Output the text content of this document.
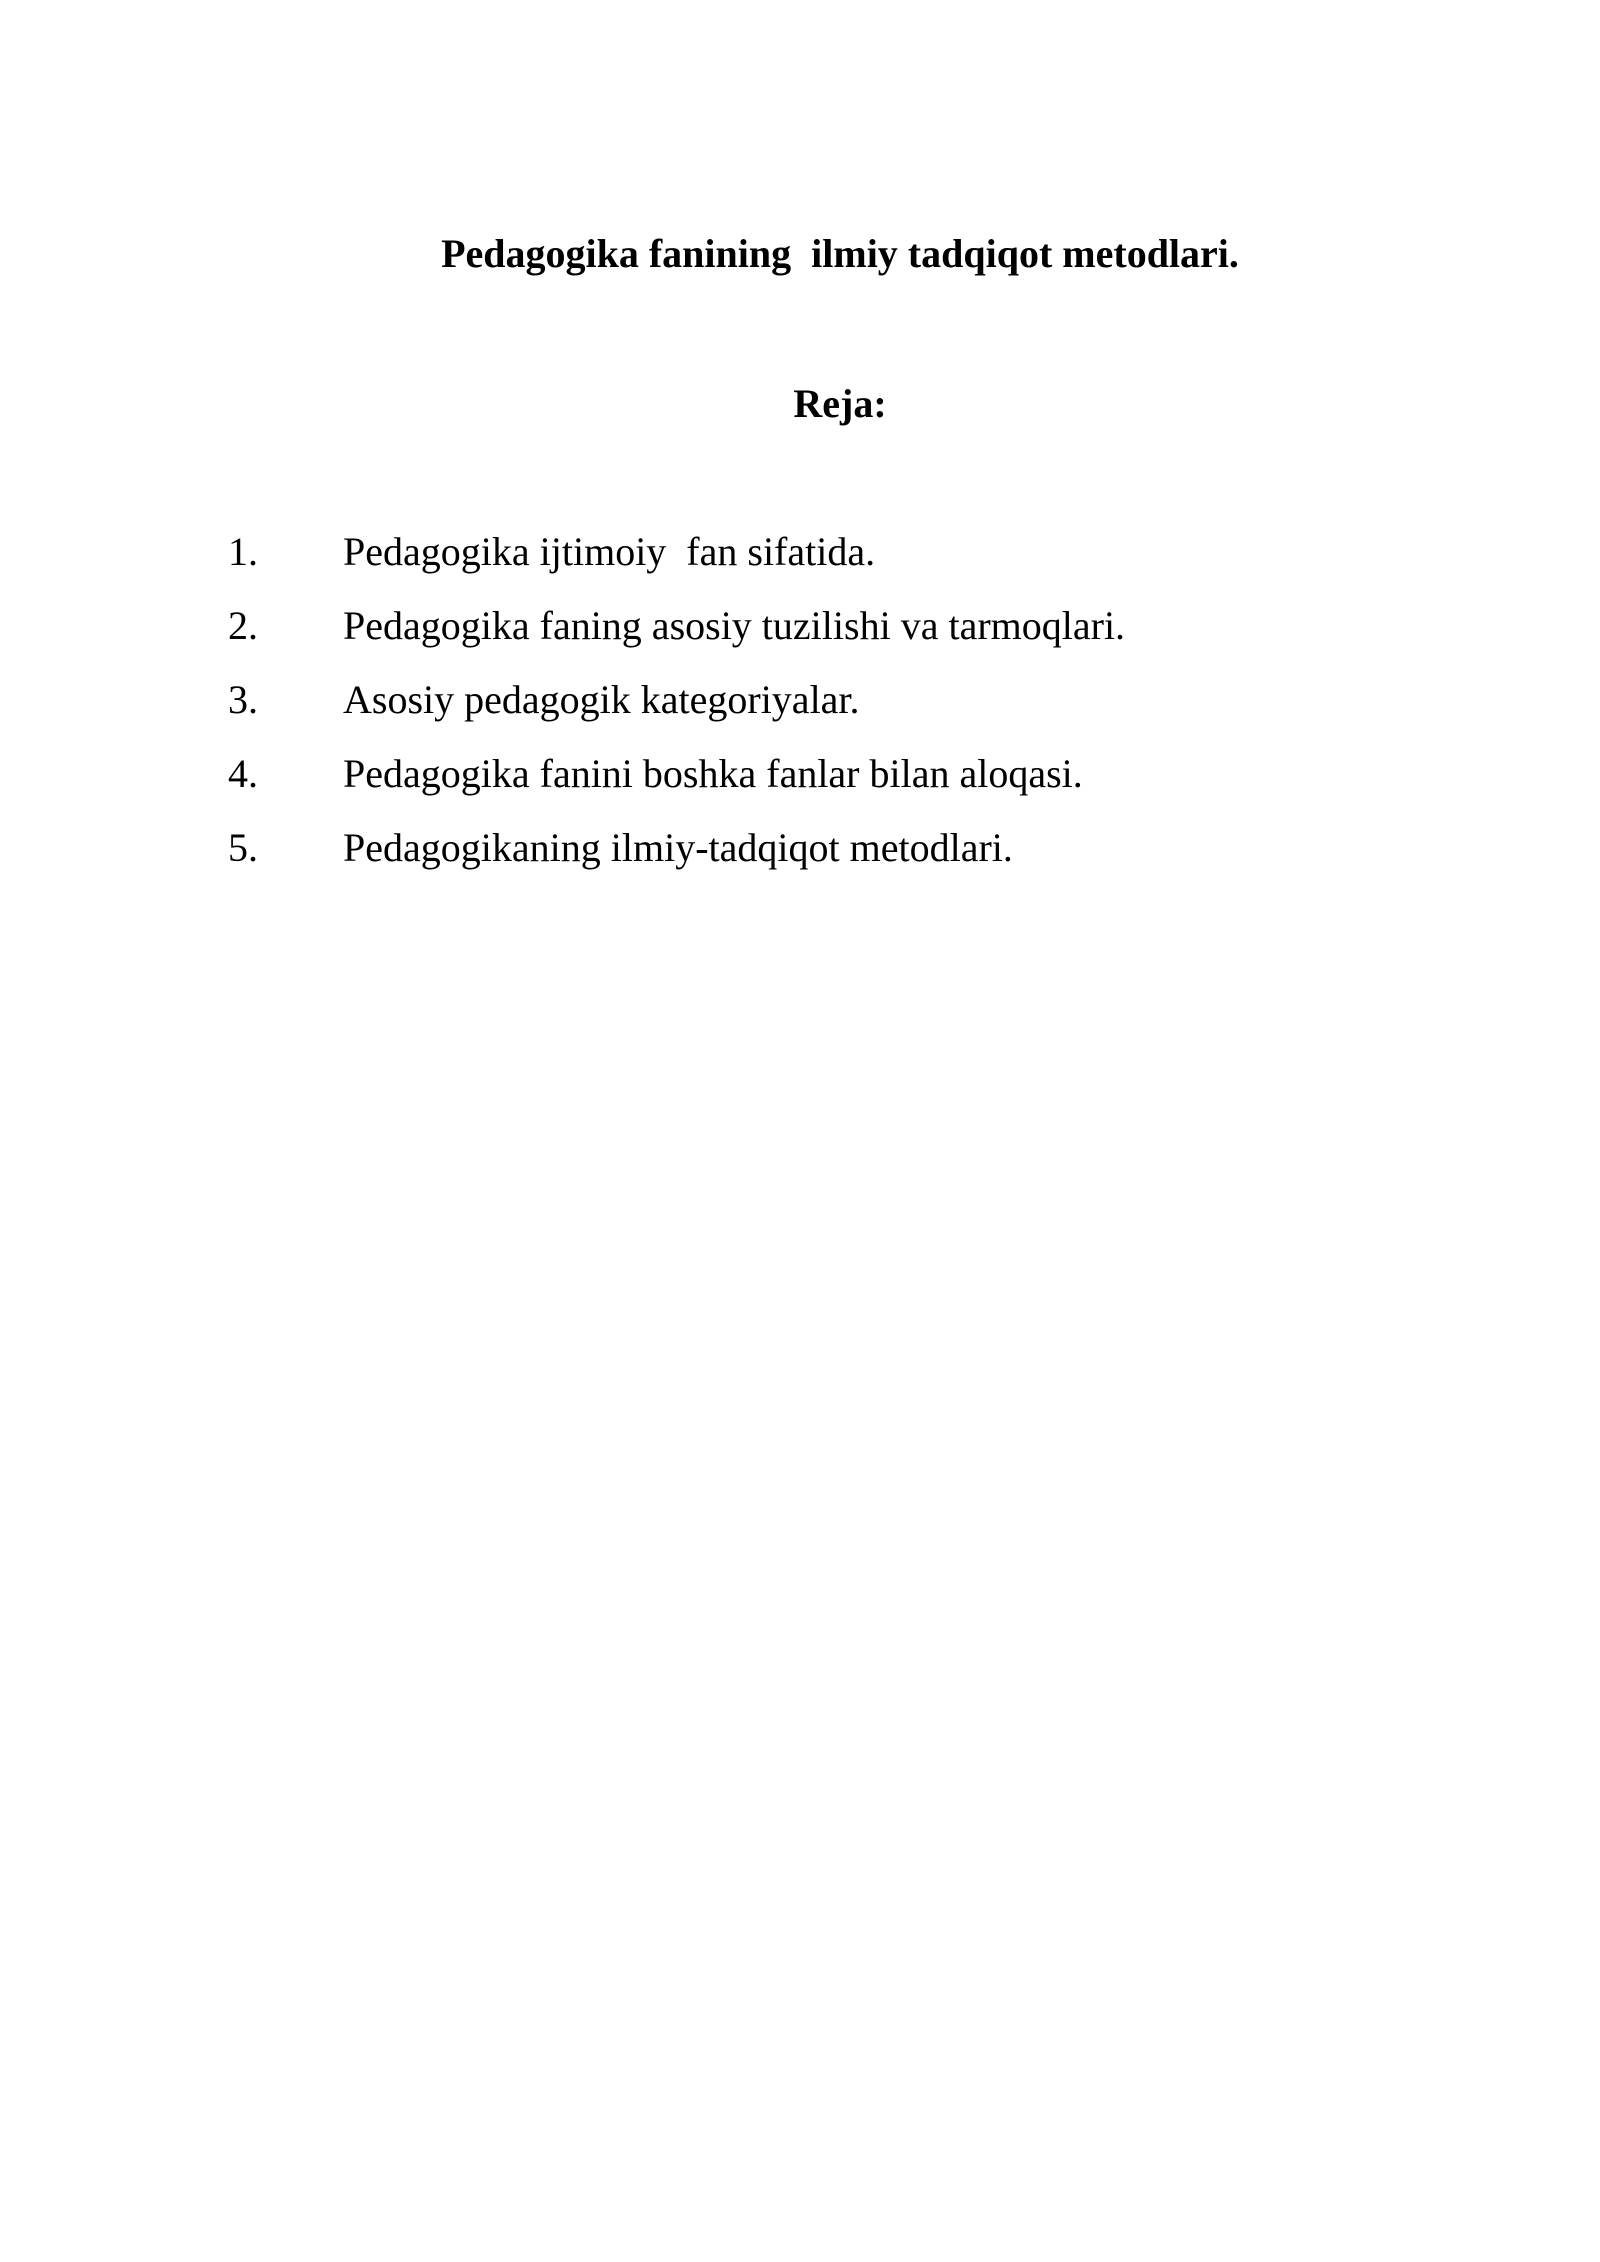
Pedagogika fanining  ilmiy tadqiqot metodlari.
Reja:
1. Pedagogika ijtimoiy  fan sifatida.
2. Pedagogika faning asosiy tuzilishi va tarmoqlari.
3. Asosiy pedagogik kategoriyalar.
4. Pedagogika fanini boshka fanlar bilan aloqasi.
5. Pedagogikaning ilmiy-tadqiqot metodlari.
